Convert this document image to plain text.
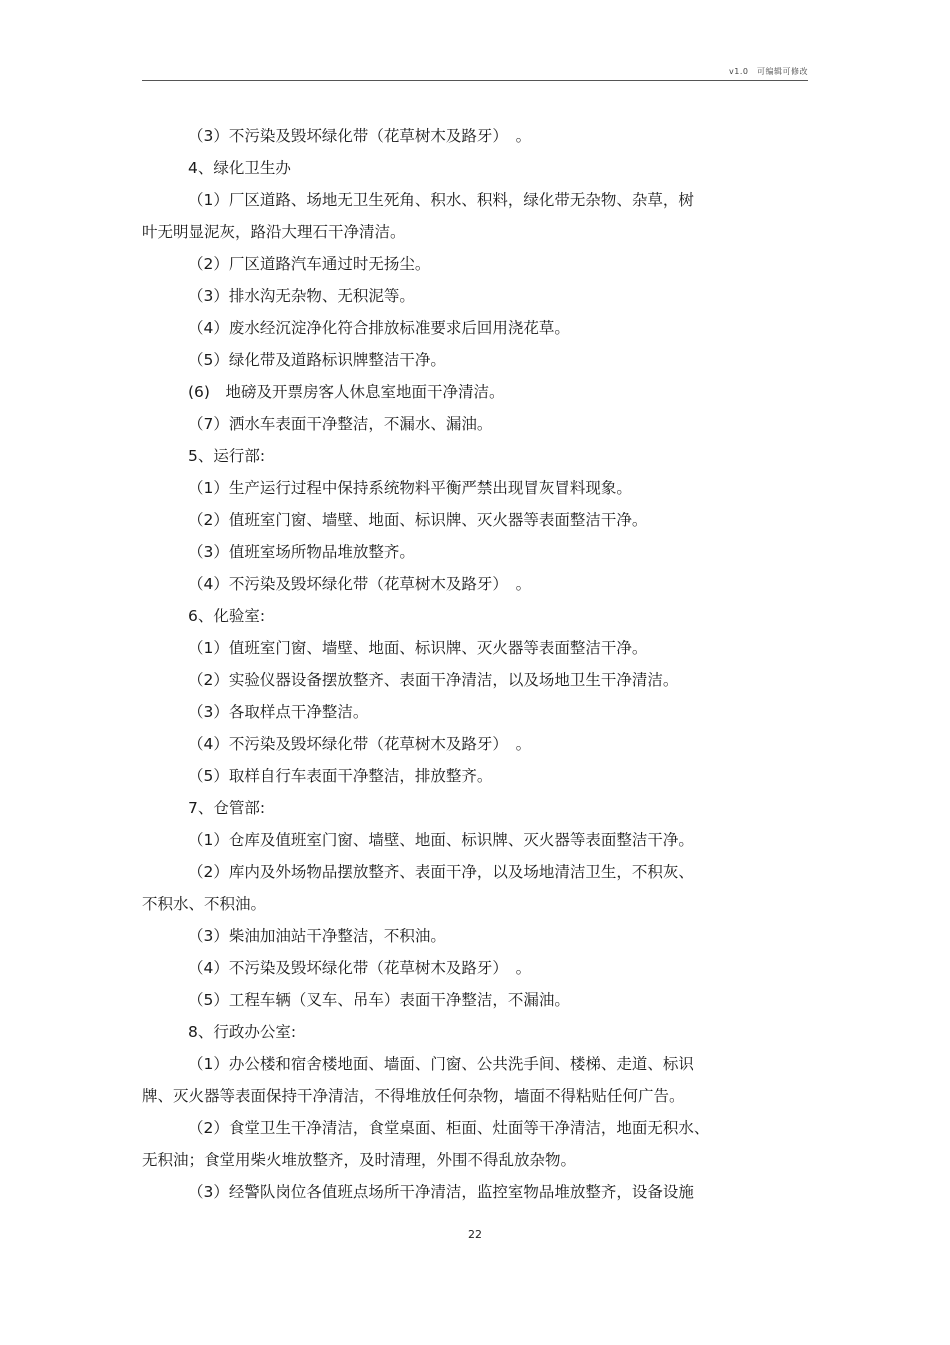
v1.0　可编辑可修改
（3）不污染及毁坏绿化带（花草树木及路牙）　。
4、绿化卫生办
（1）厂区道路、场地无卫生死角、积水、积料，绿化带无杂物、杂草，树
叶无明显泥灰，路沿大理石干净清洁。
（2）厂区道路汽车通过时无扬尘。
（3）排水沟无杂物、无积泥等。
（4）废水经沉淀净化符合排放标准要求后回用浇花草。
（5）绿化带及道路标识牌整洁干净。
(6)　地磅及开票房客人休息室地面干净清洁。
（7）洒水车表面干净整洁，不漏水、漏油。
5、运行部:
（1）生产运行过程中保持系统物料平衡严禁出现冒灰冒料现象。
（2）值班室门窗、墙壁、地面、标识牌、灭火器等表面整洁干净。
（3）值班室场所物品堆放整齐。
（4）不污染及毁坏绿化带（花草树木及路牙）　。
6、化验室:
（1）值班室门窗、墙壁、地面、标识牌、灭火器等表面整洁干净。
（2）实验仪器设备摆放整齐、表面干净清洁，以及场地卫生干净清洁。
（3）各取样点干净整洁。
（4）不污染及毁坏绿化带（花草树木及路牙）　。
（5）取样自行车表面干净整洁，排放整齐。
7、仓管部:
（1）仓库及值班室门窗、墙壁、地面、标识牌、灭火器等表面整洁干净。
（2）库内及外场物品摆放整齐、表面干净，以及场地清洁卫生，不积灰、
不积水、不积油。
（3）柴油加油站干净整洁，不积油。
（4）不污染及毁坏绿化带（花草树木及路牙）　。
（5）工程车辆（叉车、吊车）表面干净整洁，不漏油。
8、行政办公室:
（1）办公楼和宿舍楼地面、墙面、门窗、公共洗手间、楼梯、走道、标识
牌、灭火器等表面保持干净清洁，不得堆放任何杂物，墙面不得粘贴任何广告。
（2）食堂卫生干净清洁，食堂桌面、柜面、灶面等干净清洁，地面无积水、
无积油；食堂用柴火堆放整齐，及时清理，外围不得乱放杂物。
（3）经警队岗位各值班点场所干净清洁，监控室物品堆放整齐，设备设施
22
